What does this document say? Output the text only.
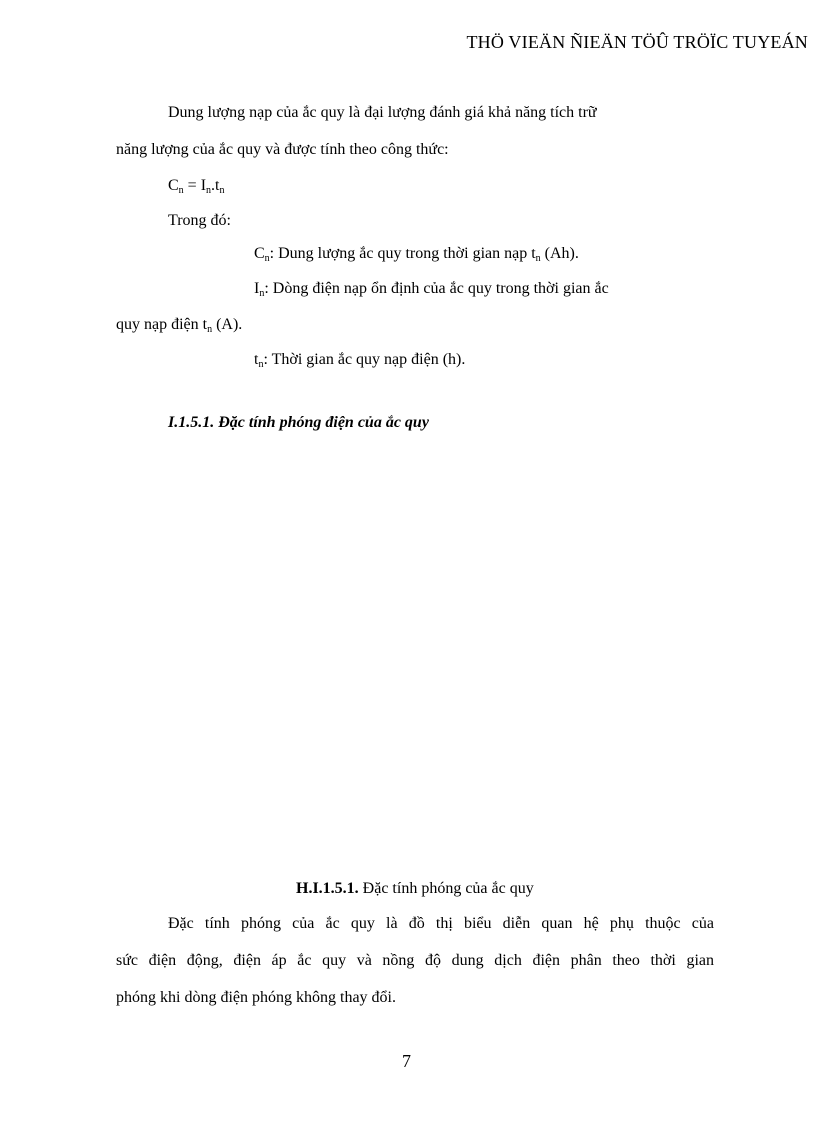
THÖ VIEÄN ÑIEÄN TÖÛ TRÖÏC TUYEÁN
Dung lượng nạp của ắc quy là đại lượng đánh giá khả năng tích trữ
năng lượng của ắc quy và được tính theo công thức:
$C_n = I_n.t_n$
Trong đó:
$C_n$: Dung lượng ắc quy trong thời gian nạp $t_n$ (Ah).
$I_n$: Dòng điện nạp ổn định của ắc quy trong thời gian ắc
quy nạp điện $t_n$ (A).
$t_n$: Thời gian ắc quy nạp điện (h).
I.1.5.1. Đặc tính phóng điện của ắc quy
H.I.1.5.1. Đặc tính phóng của ắc quy
Đặc tính phóng của ắc quy là đồ thị biểu diễn quan hệ phụ thuộc của
sức điện động, điện áp ắc quy và nồng độ dung dịch điện phân theo thời gian
phóng khi dòng điện phóng không thay đổi.
7
